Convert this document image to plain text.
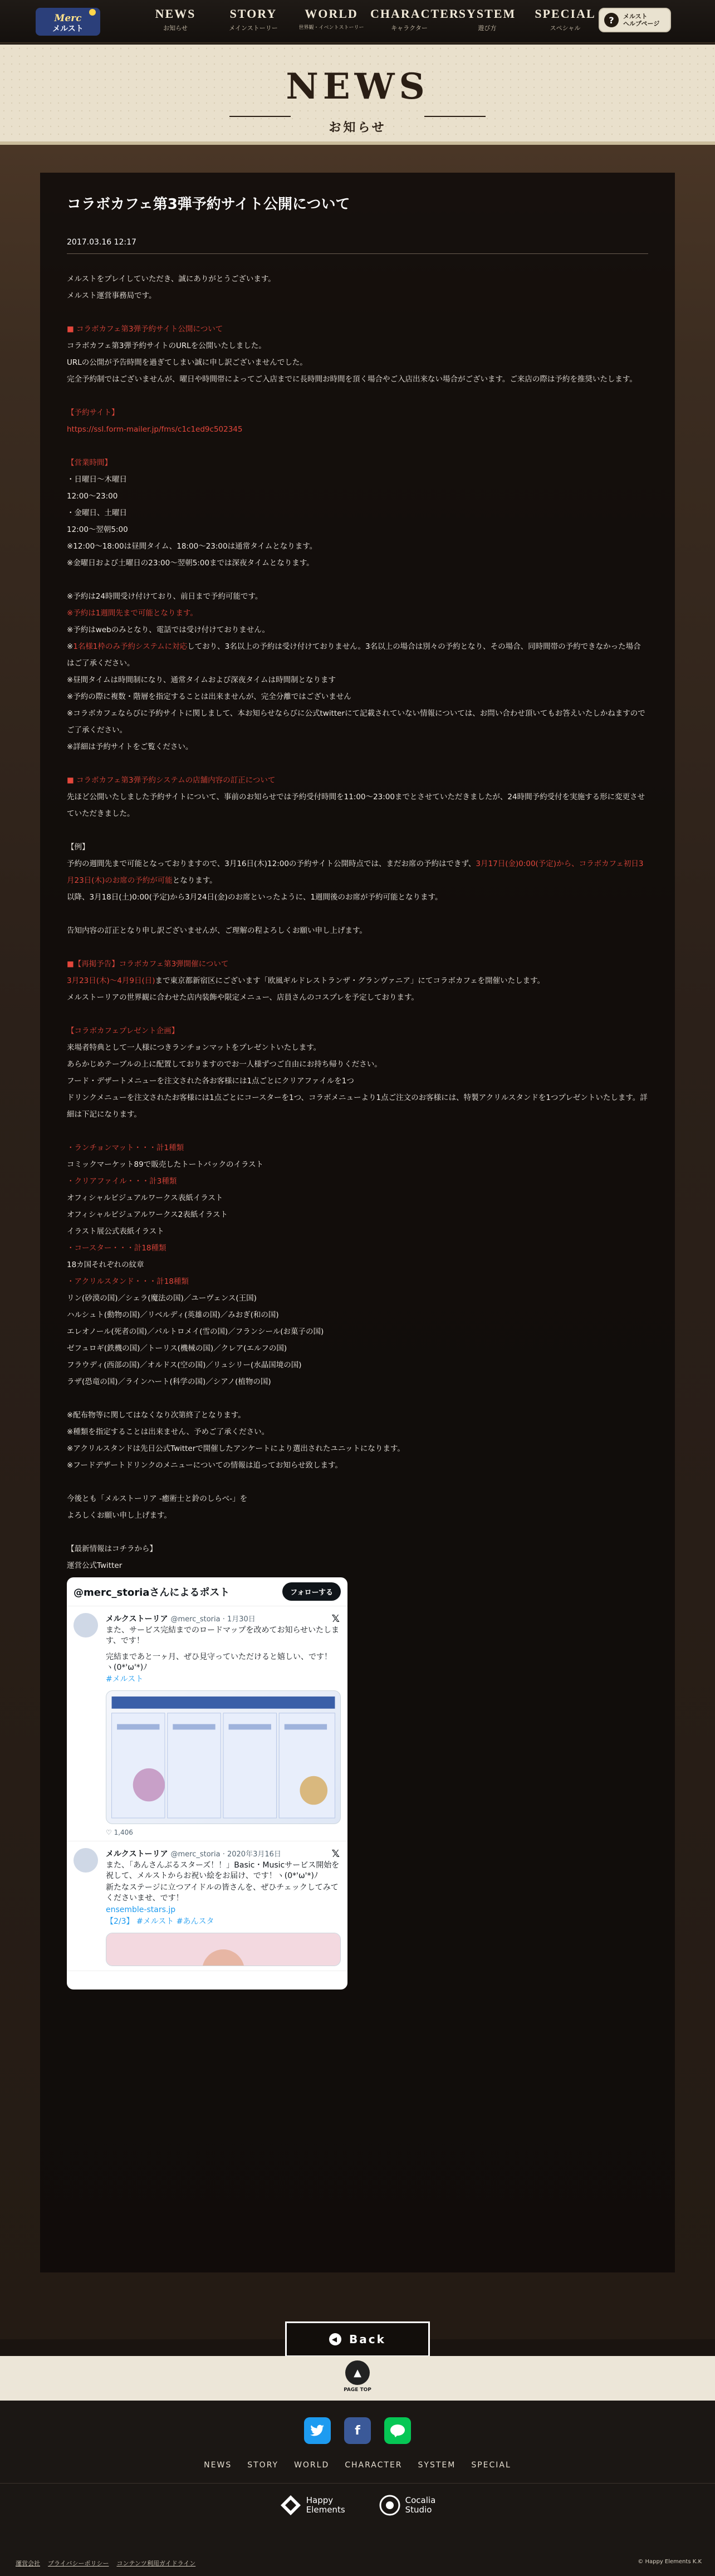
Merc
メルスト
NEWS
お知らせ
STORY
メインストーリー
WORLD
世界観・イベントストーリー
CHARACTER
キャラクター
SYSTEM
遊び方
SPECIAL
スペシャル
?	メルスト
ヘルプページ
NEWS
お知らせ
コラボカフェ第3弾予約サイト公開について
2017.03.16 12:17
メルストをプレイしていただき、誠にありがとうございます。
メルスト運営事務局です。
■ コラボカフェ第3弾予約サイト公開について
コラボカフェ第3弾予約サイトのURLを公開いたしました。
URLの公開が予告時間を過ぎてしまい誠に申し訳ございませんでした。
完全予約制ではございませんが、曜日や時間帯によってご入店までに長時間お時間を頂く場合やご入店出来ない場合がございます。ご来店の際は予約を推奨いたします。
【予約サイト】
https://ssl.form-mailer.jp/fms/c1c1ed9c502345
【営業時間】
・日曜日～木曜日
12:00～23:00
・金曜日、土曜日
12:00～翌朝5:00
※12:00～18:00は昼間タイム、18:00～23:00は通常タイムとなります。
※金曜日および土曜日の23:00～翌朝5:00までは深夜タイムとなります。
※予約は24時間受け付けており、前日まで予約可能です。
※予約は1週間先まで可能となります。
※予約はwebのみとなり、電話では受け付けておりません。
※1名様1枠のみ予約システムに対応しており、3名以上の予約は受け付けておりません。3名以上の場合は別々の予約となり、その場合、同時間帯の予約できなかった場合はご了承ください。
※昼間タイムは時間制になり、通常タイムおよび深夜タイムは時間制となります
※予約の際に複数・階層を指定することは出来ませんが、完全分離ではございません
※コラボカフェならびに予約サイトに関しまして、本お知らせならびに公式twitterにて記載されていない情報については、お問い合わせ頂いてもお答えいたしかねますのでご了承ください。
※詳細は予約サイトをご覧ください。
■ コラボカフェ第3弾予約システムの店舗内容の訂正について
先ほど公開いたしました予約サイトについて、事前のお知らせでは予約受付時間を11:00～23:00までとさせていただきましたが、24時間予約受付を実施する形に変更させていただきました。
【例】
予約の週間先まで可能となっておりますので、3月16日(木)12:00の予約サイト公開時点では、まだお席の予約はできず、3月17日(金)0:00(予定)から、コラボカフェ初日3月23日(木)のお席の予約が可能となります。
以降、3月18日(土)0:00(予定)から3月24日(金)のお席といったように、1週間後のお席が予約可能となります。
告知内容の訂正となり申し訳ございませんが、ご理解の程よろしくお願い申し上げます。
■【再掲予告】コラボカフェ第3弾開催について
3月23日(木)～4月9日(日)まで東京都新宿区にございます「欧風ギルドレストランザ・グランヴァニア」にてコラボカフェを開催いたします。
メルストーリアの世界観に合わせた店内装飾や限定メニュー、店員さんのコスプレを予定しております。
【コラボカフェプレゼント企画】
来場者特典として一人様につきランチョンマットをプレゼントいたします。
あらかじめテーブルの上に配置しておりますのでお一人様ずつご自由にお持ち帰りください。
フード・デザートメニューを注文された各お客様には1点ごとにクリアファイルを1つ
ドリンクメニューを注文されたお客様には1点ごとにコースターを1つ、コラボメニューより1点ご注文のお客様には、特製アクリルスタンドを1つプレゼントいたします。詳細は下記になります。
・ランチョンマット・・・計1種類
コミックマーケット89で販売したトートバックのイラスト
・クリアファイル・・・計3種類
オフィシャルビジュアルワークス表紙イラスト
オフィシャルビジュアルワークス2表紙イラスト
イラスト展公式表紙イラスト
・コースター・・・計18種類
18カ国それぞれの紋章
・アクリルスタンド・・・計18種類
リン(砂漠の国)／シェラ(魔法の国)／ユーヴェンス(王国)
ハルシュト(動物の国)／リベルディ(英雄の国)／みおぎ(和の国)
エレオノール(死者の国)／パルトロメイ(雪の国)／フランシール(お菓子の国)
ゼフュロギ(鉄機の国)／トーリス(機械の国)／クレア(エルフの国)
フラウディ(西部の国)／オルドス(空の国)／リュシリー(水晶国境の国)
ラザ(恐竜の国)／ラインハート(科学の国)／シアノ(植物の国)
※配布物等に関してはなくなり次第終了となります。
※種類を指定することは出来ません、予めご了承ください。
※アクリルスタンドは先日公式Twitterで開催したアンケートにより選出されたユニットになります。
※フードデザートドリンクのメニューについての情報は追ってお知らせ致します。
今後とも「メルストーリア -癒術士と鈴のしらべ-」を
よろしくお願い申し上げます。
【最新情報はコチラから】
運営公式Twitter
@merc_storiaさんによるポスト	フォローする
𝕏
メルクストーリア @merc_storia · 1月30日
また、サービス完結までのロードマップを改めてお知らせいたします、です！
完結まであと一ヶ月、ぜひ見守っていただけると嬉しい、です！ ヽ(0*'ω'*)ﾉ
#メルスト
♡ 1,406
𝕏
メルクストーリア @merc_storia · 2020年3月16日
また、「あんさんぶるスターズ！！」Basic・Musicサービス開始を祝して、メルストからお祝い絵をお届け、です！ヽ(0*'ω'*)ﾉ
新たなステージに立つアイドルの皆さんを、ぜひチェックしてみてくださいませ、です！
ensemble-stars.jp
【2/3】 #メルスト #あんスタ
◀ Back
▲
PAGE TOP
f
NEWS STORY WORLD CHARACTER SYSTEM SPECIAL
Happy
Elements
Cocalia
Studio
運営会社 プライバシーポリシー コンテンツ利用ガイドライン	© Happy Elements K.K
